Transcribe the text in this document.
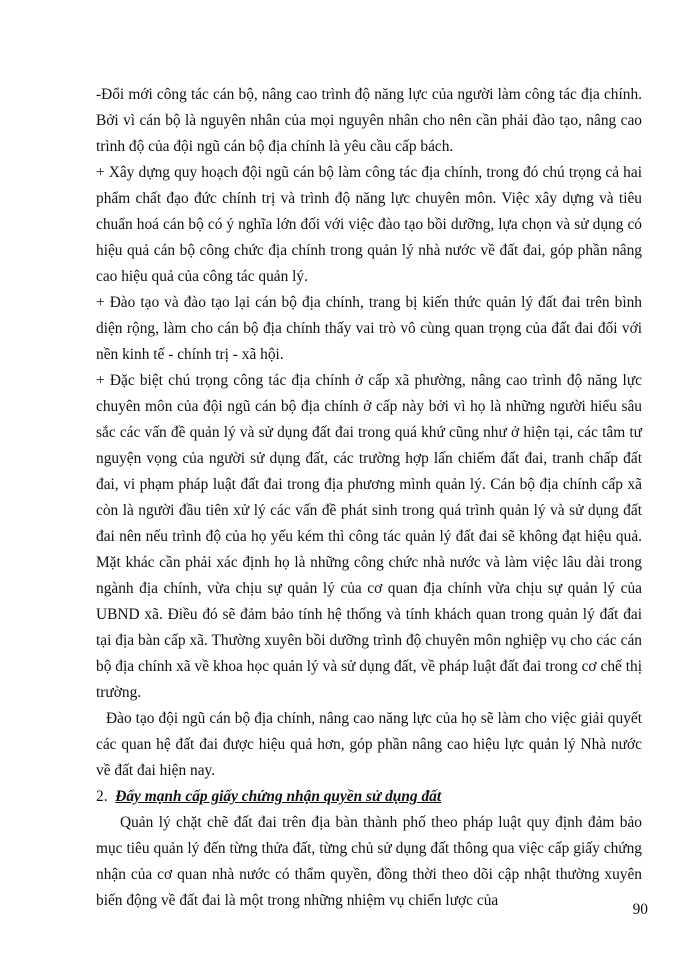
-Đổi mới công tác cán bộ, nâng cao trình độ năng lực của người làm công tác địa chính. Bởi vì cán bộ là nguyên nhân của mọi nguyên nhân cho nên cần phải đào tạo, nâng cao trình độ của đội ngũ cán bộ địa chính là yêu cầu cấp bách.

+ Xây dựng quy hoạch đội ngũ cán bộ làm công tác địa chính, trong đó chú trọng cả hai phẩm chất đạo đức chính trị và trình độ năng lực chuyên môn. Việc xây dựng và tiêu chuẩn hoá cán bộ có ý nghĩa lớn đối với việc đào tạo bồi dưỡng, lựa chọn và sử dụng có hiệu quả cán bộ công chức địa chính trong quản lý nhà nước về đất đai, góp phần nâng cao hiệu quả của công tác quản lý.

+ Đào tạo và đào tạo lại cán bộ địa chính, trang bị kiến thức quản lý đất đai trên bình diện rộng, làm cho cán bộ địa chính thấy vai trò vô cùng quan trọng của đất đai đối với nền kinh tế - chính trị - xã hội.

+ Đặc biệt chú trọng công tác địa chính ở cấp xã phường, nâng cao trình độ năng lực chuyên môn của đội ngũ cán bộ địa chính ở cấp này bởi vì họ là những người hiểu sâu sắc các vấn đề quản lý và sử dụng đất đai trong quá khứ cũng như ở hiện tại, các tâm tư nguyện vọng của người sử dụng đất, các trường hợp lấn chiếm đất đai, tranh chấp đất đai, vi phạm pháp luật đất đai trong địa phương mình quản lý. Cán bộ địa chính cấp xã còn là người đầu tiên xử lý các vấn đề phát sinh trong quá trình quản lý và sử dụng đất đai nên nếu trình độ của họ yếu kém thì công tác quản lý đất đai sẽ không đạt hiệu quả. Mặt khác cần phải xác định họ là những công chức nhà nước và làm việc lâu dài trong ngành địa chính, vừa chịu sự quản lý của cơ quan địa chính vừa chịu sự quản lý của UBND xã. Điều đó sẽ đảm bảo tính hệ thống và tính khách quan trong quản lý đất đai tại địa bàn cấp xã. Thường xuyên bồi dưỡng trình độ chuyên môn nghiệp vụ cho các cán bộ địa chính xã về khoa học quản lý và sử dụng đất, về pháp luật đất đai trong cơ chế thị trường.

Đào tạo đội ngũ cán bộ địa chính, nâng cao năng lực của họ sẽ làm cho việc giải quyết các quan hệ đất đai được hiệu quả hơn, góp phần nâng cao hiệu lực quản lý Nhà nước về đất đai hiện nay.

2. Đẩy mạnh cấp giấy chứng nhận quyền sử dụng đất

Quản lý chặt chẽ đất đai trên địa bàn thành phố theo pháp luật quy định đảm bảo mục tiêu quản lý đến từng thửa đất, từng chủ sử dụng đất thông qua việc cấp giấy chứng nhận của cơ quan nhà nước có thẩm quyền, đồng thời theo dõi cập nhật thường xuyên biến động về đất đai là một trong những nhiệm vụ chiến lược của

90
